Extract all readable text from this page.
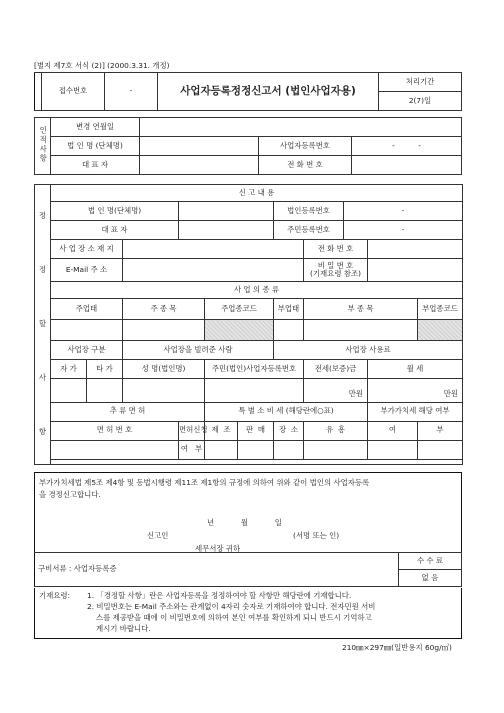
[별지 제7호 서식 (2)] (2000.3.31. 개정)
	접수번호	-	사업자등록정정신고서 (법인사업자용)	처리기간
2(7)일
인적사항	변경 연월일			
	법 인 명 (단체명)		사업자등록번호	-          -
	대 표 자		전 화 번 호	
정
정
할
사
항	신 고 내 용										
	법 인 명(단체명)						법인등록번호		-		
	대 표 자						주민등록번호		-		
	사 업 장 소 재 지							전 화 번 호			
	E-Mail 주 소							비 밀 번 호
(기재요령 참조)			

	사 업 의 종 류										
	주업태		주 종 목		주업종코드		부업태	부 종 목			부업종코드

	사업장 구분		사업장을 빌려준 사람				사업장 사용료				
	자 가	타 가	성 명(법인명)		주민(법인)사업자등록번호			전세(보증)금		월 세	
								만원		만원	
	추 류 면 허				특 별 소 비 세 (해당란에○표)					부가가치세 해당 여부	
	면 허 번 호			면허신청	제 조	판 매	장 소	유 흥		여	부
				여 부							

부가가치세법 제5조 제4항 및 동법시행령 제11조 제1항의 규정에 의하여 위와 같이 법인의 사업자등록
을 경정신고합니다.
년	월	일
신고인	(서명 또는 인)
세무서장 귀하
구비서류 : 사업자등록증	수 수 료
없 음
기재요령: 1. 「경정할 사항」란은 사업자등록을 정정하여야 할 사항만 해당란에 기재합니다.
2. 비밀번호는 E-Mail 주소와는 관계없이 4자리 숫자로 기재하여야 합니다. 전자민원 서비
스를 제공받을 때에 이 비밀번호에 의하여 본인 여부를 확인하게 되니 반드시 기억하고
계시기 바랍니다.
210㎜×297㎜(일반용지 60g/㎡)
